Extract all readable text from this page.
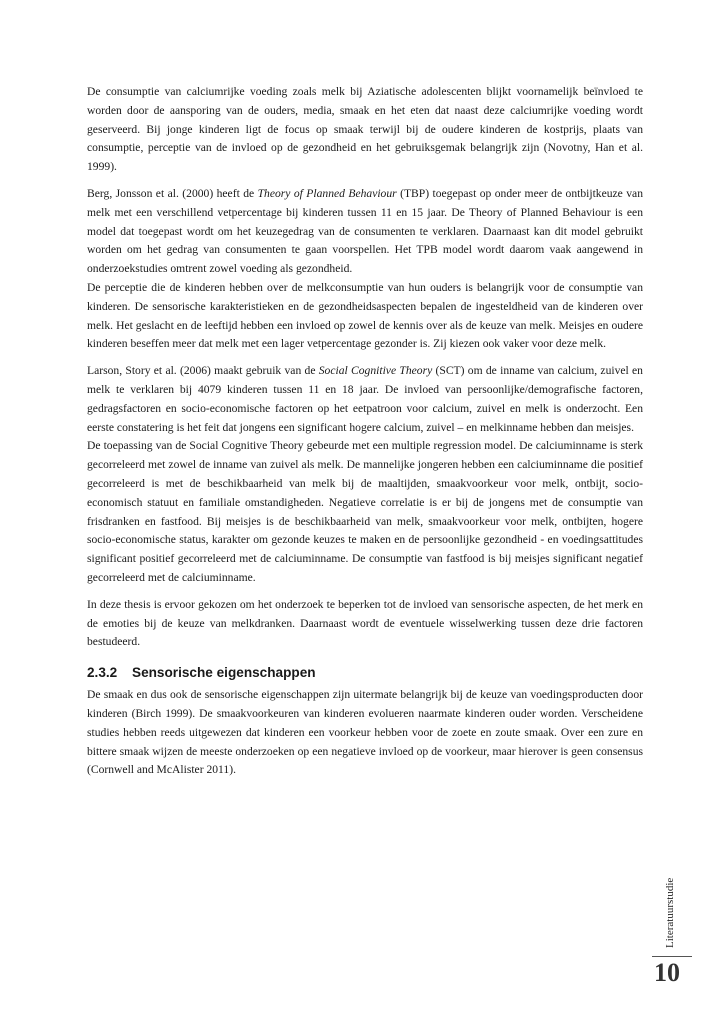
De consumptie van calciumrijke voeding zoals melk bij Aziatische adolescenten blijkt voornamelijk beïnvloed te worden door de aansporing van de ouders, media, smaak en het eten dat naast deze calciumrijke voeding wordt geserveerd. Bij jonge kinderen ligt de focus op smaak terwijl bij de oudere kinderen de kostprijs, plaats van consumptie, perceptie van de invloed op de gezondheid en het gebruiksgemak belangrijk zijn (Novotny, Han et al. 1999).

Berg, Jonsson et al. (2000) heeft de Theory of Planned Behaviour (TBP) toegepast op onder meer de ontbijtkeuze van melk met een verschillend vetpercentage bij kinderen tussen 11 en 15 jaar. De Theory of Planned Behaviour is een model dat toegepast wordt om het keuzegedrag van de consumenten te verklaren. Daarnaast kan dit model gebruikt worden om het gedrag van consumenten te gaan voorspellen. Het TPB model wordt daarom vaak aangewend in onderzoekstudies omtrent zowel voeding als gezondheid.

De perceptie die de kinderen hebben over de melkconsumptie van hun ouders is belangrijk voor de consumptie van kinderen. De sensorische karakteristieken en de gezondheidsaspecten bepalen de ingesteldheid van de kinderen over melk. Het geslacht en de leeftijd hebben een invloed op zowel de kennis over als de keuze van melk. Meisjes en oudere kinderen beseffen meer dat melk met een lager vetpercentage gezonder is. Zij kiezen ook vaker voor deze melk.

Larson, Story et al. (2006) maakt gebruik van de Social Cognitive Theory (SCT) om de inname van calcium, zuivel en melk te verklaren bij 4079 kinderen tussen 11 en 18 jaar. De invloed van persoonlijke/demografische factoren, gedragsfactoren en socio-economische factoren op het eetpatroon voor calcium, zuivel en melk is onderzocht. Een eerste constatering is het feit dat jongens een significant hogere calcium, zuivel – en melkinname hebben dan meisjes.

De toepassing van de Social Cognitive Theory gebeurde met een multiple regression model. De calciuminname is sterk gecorreleerd met zowel de inname van zuivel als melk. De mannelijke jongeren hebben een calciuminname die positief gecorreleerd is met de beschikbaarheid van melk bij de maaltijden, smaakvoorkeur voor melk, ontbijt, socio-economisch statuut en familiale omstandigheden. Negatieve correlatie is er bij de jongens met de consumptie van frisdranken en fastfood. Bij meisjes is de beschikbaarheid van melk, smaakvoorkeur voor melk, ontbijten, hogere socio-economische status, karakter om gezonde keuzes te maken en de persoonlijke gezondheid - en voedingsattitudes significant positief gecorreleerd met de calciuminname. De consumptie van fastfood is bij meisjes significant negatief gecorreleerd met de calciuminname.

In deze thesis is ervoor gekozen om het onderzoek te beperken tot de invloed van sensorische aspecten, de het merk en de emoties bij de keuze van melkdranken. Daarnaast wordt de eventuele wisselwerking tussen deze drie factoren bestudeerd.

2.3.2 Sensorische eigenschappen

De smaak en dus ook de sensorische eigenschappen zijn uitermate belangrijk bij de keuze van voedingsproducten door kinderen (Birch 1999). De smaakvoorkeuren van kinderen evolueren naarmate kinderen ouder worden. Verscheidene studies hebben reeds uitgewezen dat kinderen een voorkeur hebben voor de zoete en zoute smaak. Over een zure en bittere smaak wijzen de meeste onderzoeken op een negatieve invloed op de voorkeur, maar hierover is geen consensus (Cornwell and McAlister 2011).

Literatuurstudie
10
